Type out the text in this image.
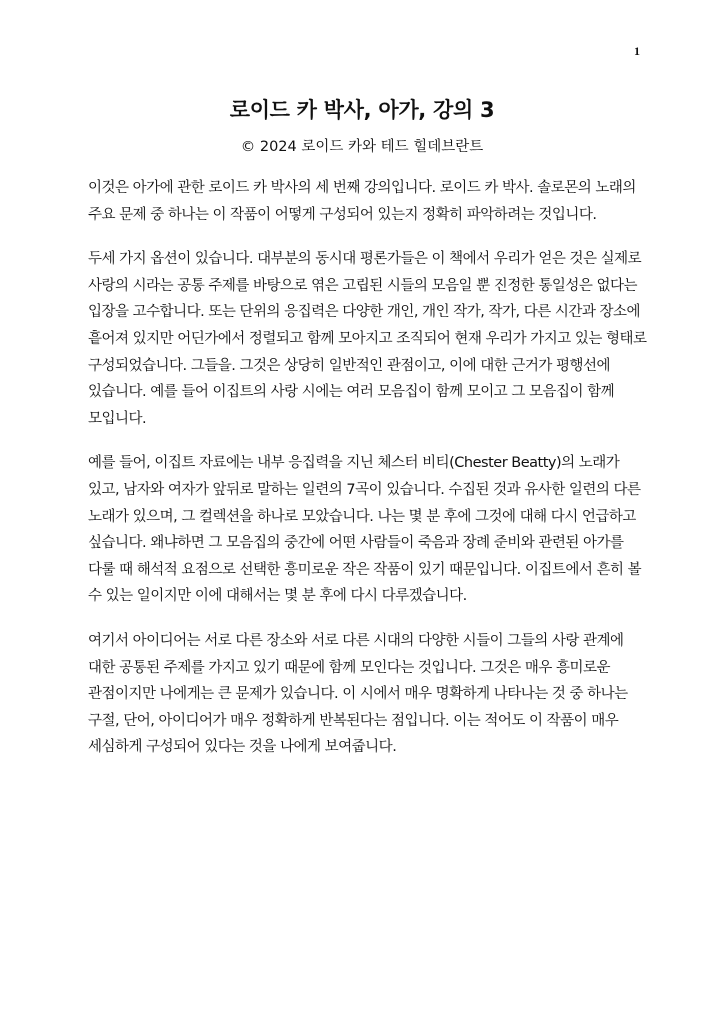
1
로이드 카 박사, 아가, 강의 3
© 2024 로이드 카와 테드 힐데브란트

이것은 아가에 관한 로이드 카 박사의 세 번째 강의입니다. 로이드 카 박사. 솔로몬의 노래의 주요 문제 중 하나는 이 작품이 어떻게 구성되어 있는지 정확히 파악하려는 것입니다.

두세 가지 옵션이 있습니다. 대부분의 동시대 평론가들은 이 책에서 우리가 얻은 것은 실제로 사랑의 시라는 공통 주제를 바탕으로 엮은 고립된 시들의 모음일 뿐 진정한 통일성은 없다는 입장을 고수합니다. 또는 단위의 응집력은 다양한 개인, 개인 작가, 작가, 다른 시간과 장소에 흩어져 있지만 어딘가에서 정렬되고 함께 모아지고 조직되어 현재 우리가 가지고 있는 형태로 구성되었습니다. 그들을. 그것은 상당히 일반적인 관점이고, 이에 대한 근거가 평행선에 있습니다. 예를 들어 이집트의 사랑 시에는 여러 모음집이 함께 모이고 그 모음집이 함께 모입니다.

예를 들어, 이집트 자료에는 내부 응집력을 지닌 체스터 비티(Chester Beatty)의 노래가 있고, 남자와 여자가 앞뒤로 말하는 일련의 7곡이 있습니다. 수집된 것과 유사한 일련의 다른 노래가 있으며, 그 컬렉션을 하나로 모았습니다. 나는 몇 분 후에 그것에 대해 다시 언급하고 싶습니다. 왜냐하면 그 모음집의 중간에 어떤 사람들이 죽음과 장례 준비와 관련된 아가를 다룰 때 해석적 요점으로 선택한 흥미로운 작은 작품이 있기 때문입니다. 이집트에서 흔히 볼 수 있는 일이지만 이에 대해서는 몇 분 후에 다시 다루겠습니다.

여기서 아이디어는 서로 다른 장소와 서로 다른 시대의 다양한 시들이 그들의 사랑 관계에 대한 공통된 주제를 가지고 있기 때문에 함께 모인다는 것입니다. 그것은 매우 흥미로운 관점이지만 나에게는 큰 문제가 있습니다. 이 시에서 매우 명확하게 나타나는 것 중 하나는 구절, 단어, 아이디어가 매우 정확하게 반복된다는 점입니다. 이는 적어도 이 작품이 매우 세심하게 구성되어 있다는 것을 나에게 보여줍니다.
